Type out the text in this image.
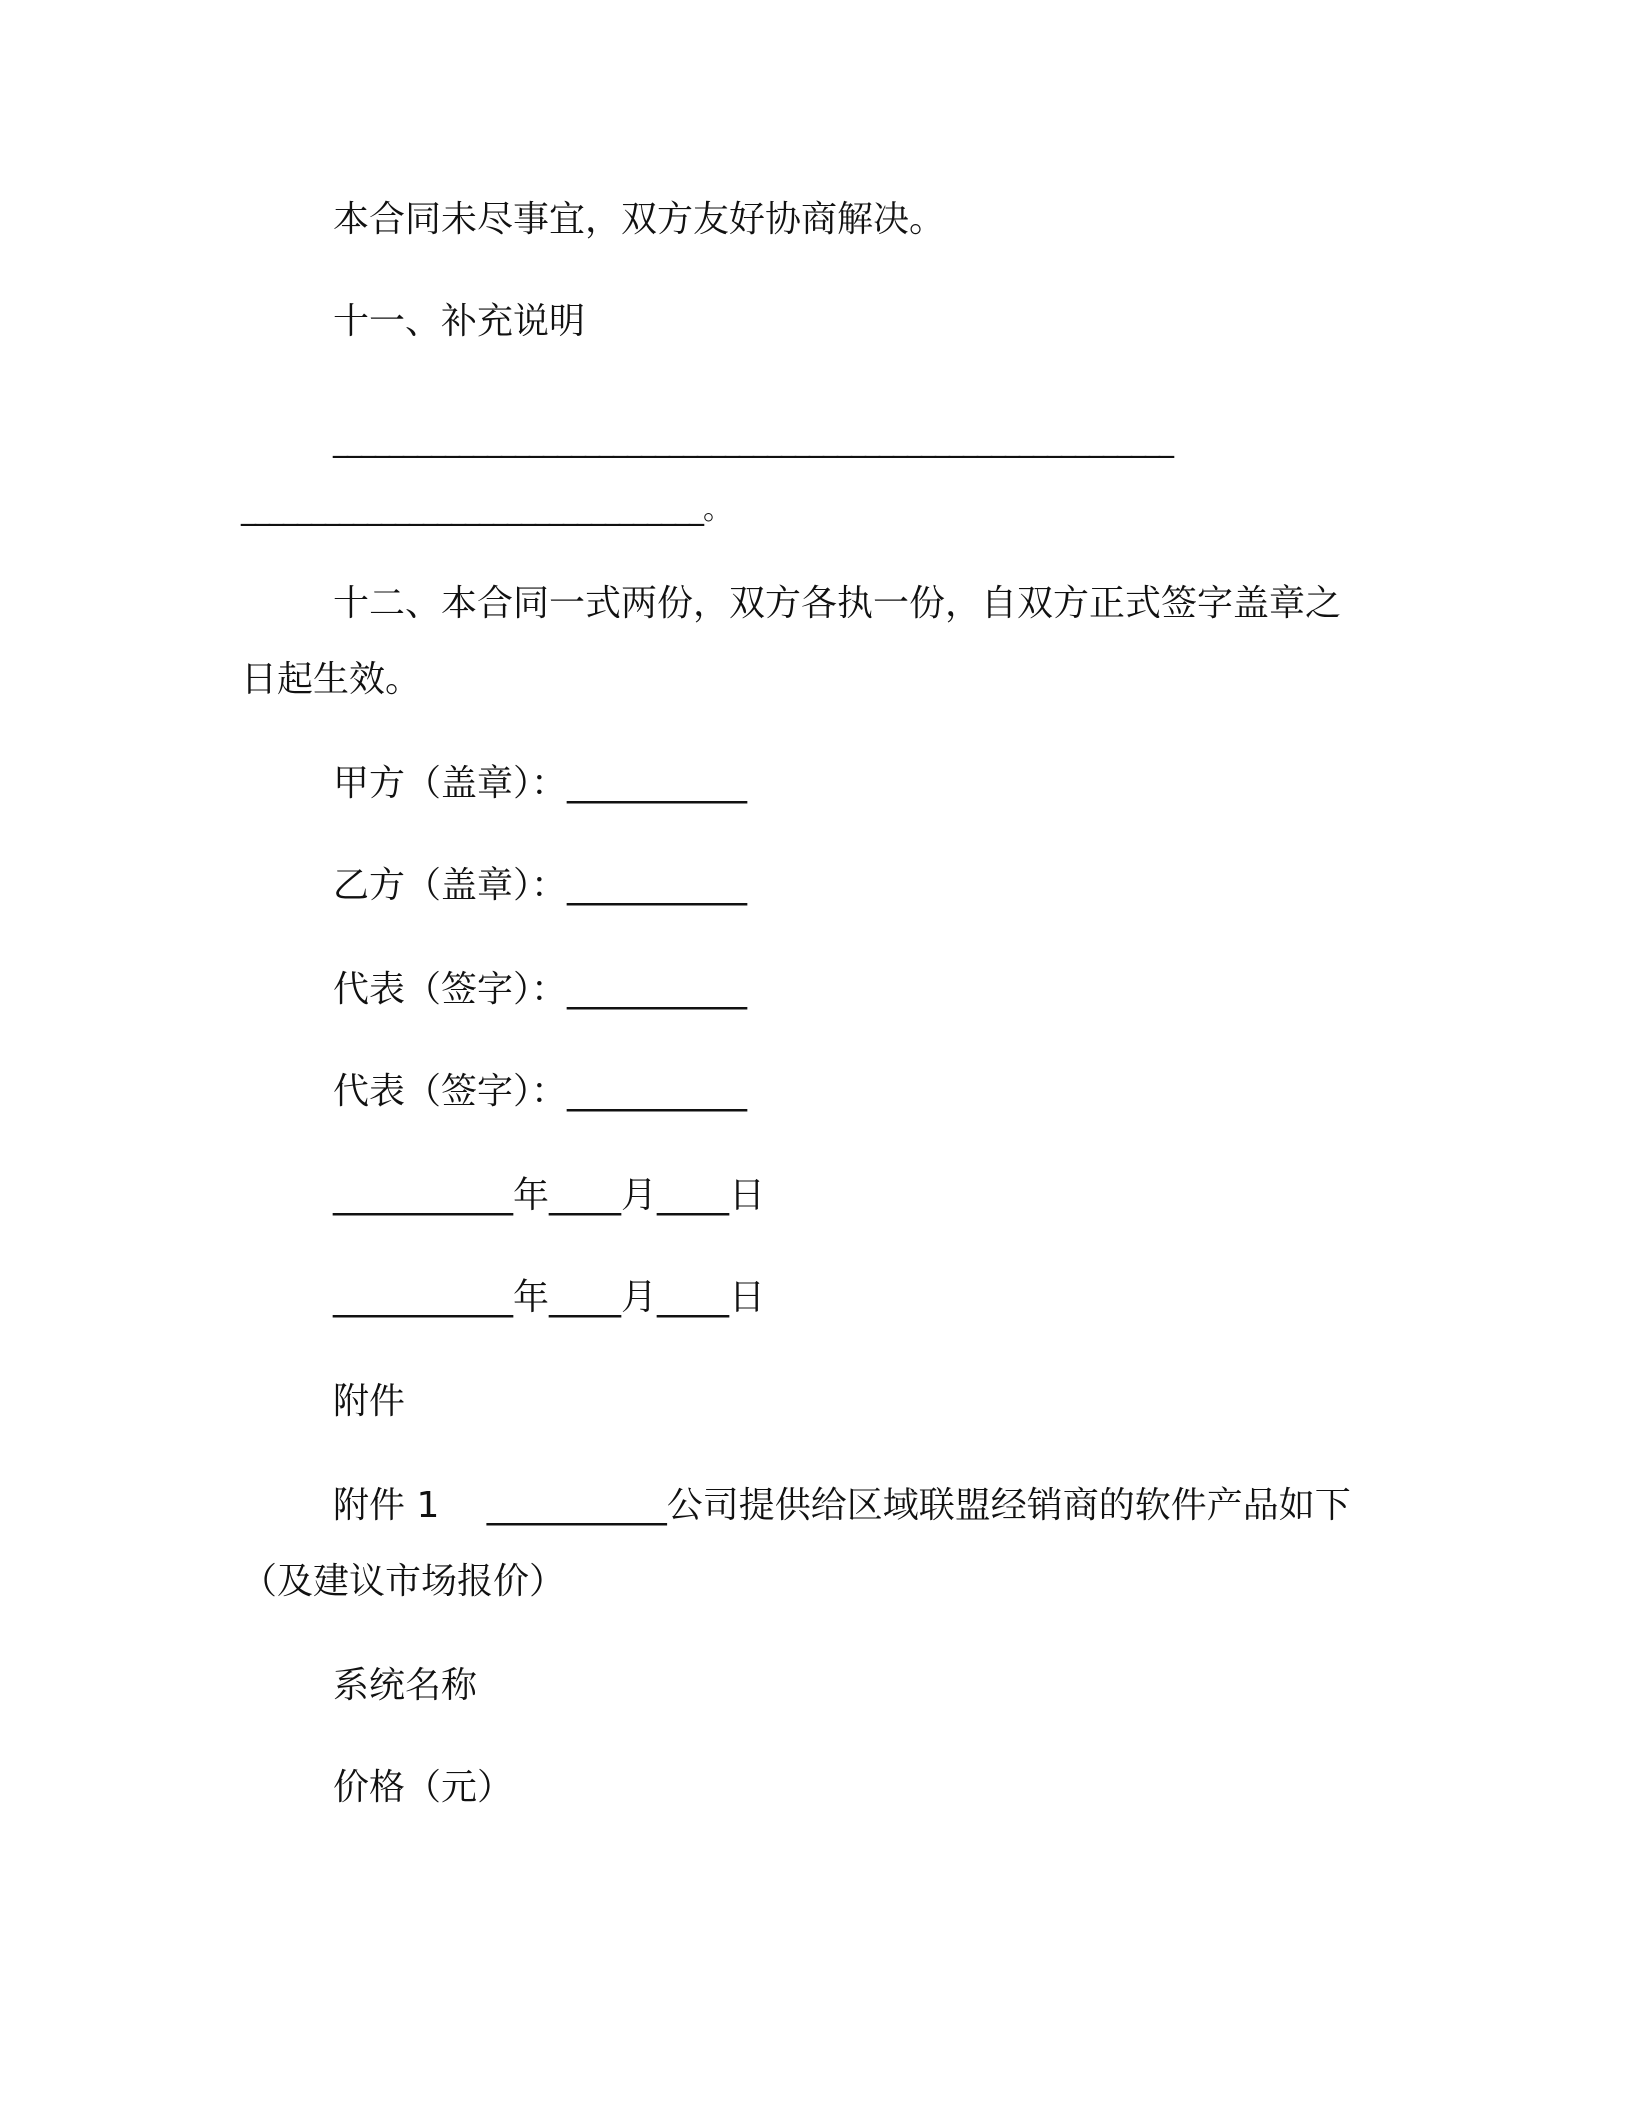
本合同未尽事宜，双方友好协商解决。
十一、补充说明
____________________________________________________________
_________________________________。
十二、本合同一式两份，双方各执一份，自双方正式签字盖章之
日起生效。
甲方（盖章）：__________
乙方（盖章）：__________
代表（签字）：__________
代表（签字）：__________
__________年____月____日
__________年____月____日
附件
附件 1　 __________公司提供给区域联盟经销商的软件产品如下
（及建议市场报价）
系统名称
价格（元）
